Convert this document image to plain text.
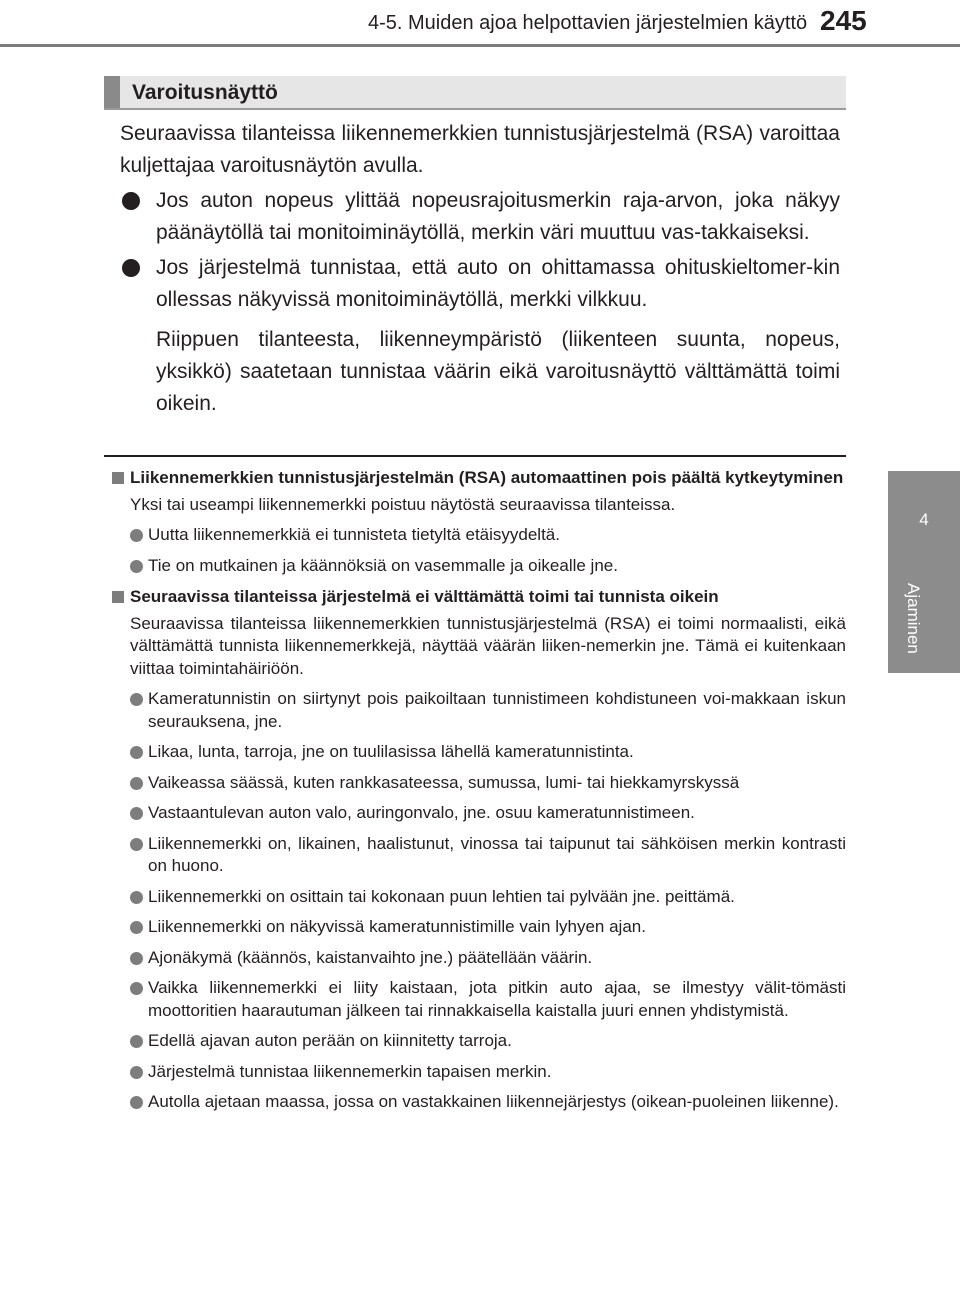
4-5. Muiden ajoa helpottavien järjestelmien käyttö 245
4
Ajaminen
Varoitusnäyttö

Seuraavissa tilanteissa liikennemerkkien tunnistusjärjestelmä (RSA) varoittaa kuljettajaa varoitusnäytön avulla.

Jos auton nopeus ylittää nopeusrajoitusmerkin raja-arvon, joka näkyy päänäytöllä tai monitoiminäytöllä, merkin väri muuttuu vas-takkaiseksi.

Jos järjestelmä tunnistaa, että auto on ohittamassa ohituskieltomer-kin ollessas näkyvissä monitoiminäytöllä, merkki vilkkuu.

Riippuen tilanteesta, liikenneympäristö (liikenteen suunta, nopeus, yksikkö) saatetaan tunnistaa väärin eikä varoitusnäyttö välttämättä toimi oikein.

Liikennemerkkien tunnistusjärjestelmän (RSA) automaattinen pois päältä kytkeytyminen

Yksi tai useampi liikennemerkki poistuu näytöstä seuraavissa tilanteissa.

Uutta liikennemerkkiä ei tunnisteta tietyltä etäisyydeltä.

Tie on mutkainen ja käännöksiä on vasemmalle ja oikealle jne.

Seuraavissa tilanteissa järjestelmä ei välttämättä toimi tai tunnista oikein

Seuraavissa tilanteissa liikennemerkkien tunnistusjärjestelmä (RSA) ei toimi normaalisti, eikä välttämättä tunnista liikennemerkkejä, näyttää väärän liiken-nemerkin jne. Tämä ei kuitenkaan viittaa toimintahäiriöön.

Kameratunnistin on siirtynyt pois paikoiltaan tunnistimeen kohdistuneen voi-makkaan iskun seurauksena, jne.

Likaa, lunta, tarroja, jne on tuulilasissa lähellä kameratunnistinta.

Vaikeassa säässä, kuten rankkasateessa, sumussa, lumi- tai hiekkamyrskyssä

Vastaantulevan auton valo, auringonvalo, jne. osuu kameratunnistimeen.

Liikennemerkki on, likainen, haalistunut, vinossa tai taipunut tai sähköisen merkin kontrasti on huono.

Liikennemerkki on osittain tai kokonaan puun lehtien tai pylvään jne. peittämä.

Liikennemerkki on näkyvissä kameratunnistimille vain lyhyen ajan.

Ajonäkymä (käännös, kaistanvaihto jne.) päätellään väärin.

Vaikka liikennemerkki ei liity kaistaan, jota pitkin auto ajaa, se ilmestyy välit-tömästi moottoritien haarautuman jälkeen tai rinnakkaisella kaistalla juuri ennen yhdistymistä.

Edellä ajavan auton perään on kiinnitetty tarroja.

Järjestelmä tunnistaa liikennemerkin tapaisen merkin.

Autolla ajetaan maassa, jossa on vastakkainen liikennejärjestys (oikean-puoleinen liikenne).
